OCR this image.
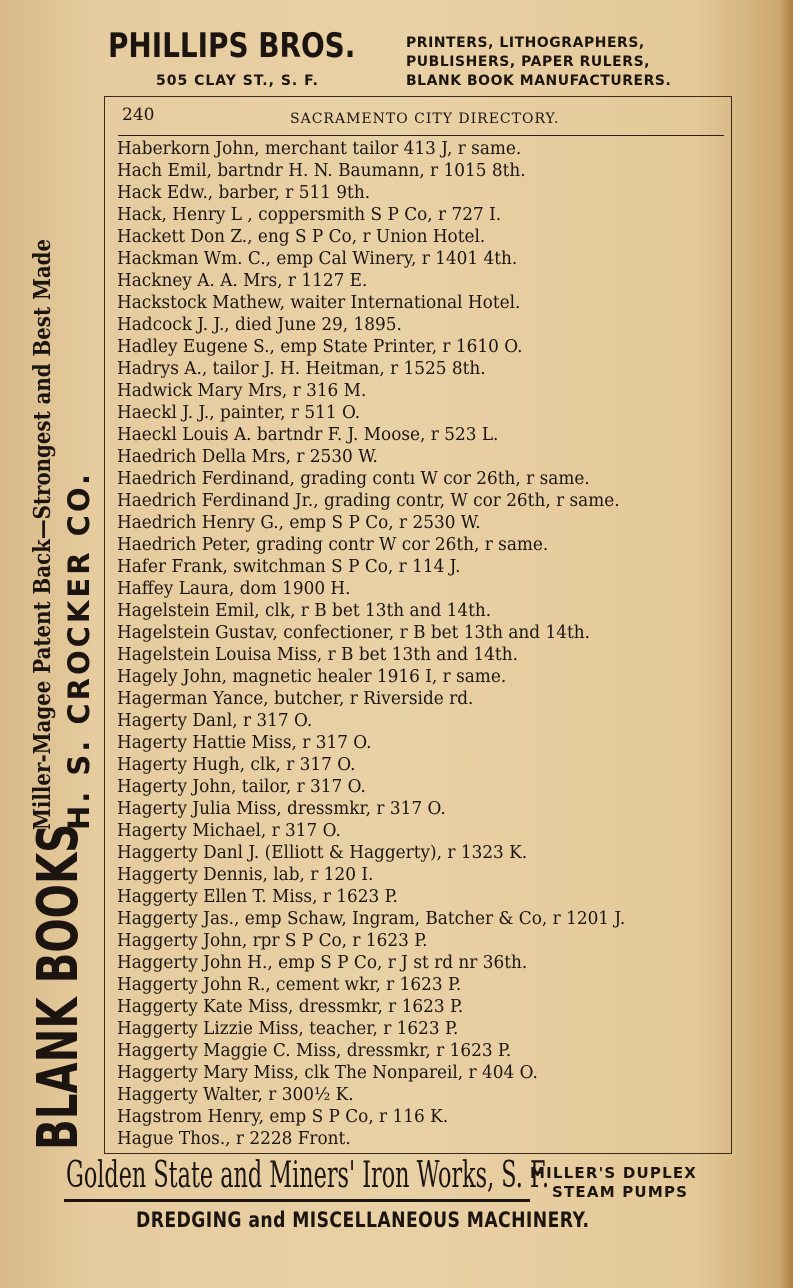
PHILLIPS BROS.
505 CLAY ST., S. F.
PRINTERS, LITHOGRAPHERS,
PUBLISHERS, PAPER RULERS,
BLANK BOOK MANUFACTURERS.
BLANK BOOKS
Miller-Magee Patent Back—Strongest and Best Made H. S. CROCKER CO.
240	SACRAMENTO CITY DIRECTORY.
Haberkorn John, merchant tailor 413 J, r same.
Hach Emil, bartndr H. N. Baumann, r 1015 8th.
Hack Edw., barber, r 511 9th.
Hack, Henry L , coppersmith S P Co, r 727 I.
Hackett Don Z., eng S P Co, r Union Hotel.
Hackman Wm. C., emp Cal Winery, r 1401 4th.
Hackney A. A. Mrs, r 1127 E.
Hackstock Mathew, waiter International Hotel.
Hadcock J. J., died June 29, 1895.
Hadley Eugene S., emp State Printer, r 1610 O.
Hadrys A., tailor J. H. Heitman, r 1525 8th.
Hadwick Mary Mrs, r 316 M.
Haeckl J. J., painter, r 511 O.
Haeckl Louis A. bartndr F. J. Moose, r 523 L.
Haedrich Della Mrs, r 2530 W.
Haedrich Ferdinand, grading contı W cor 26th, r same.
Haedrich Ferdinand Jr., grading contr, W cor 26th, r same.
Haedrich Henry G., emp S P Co, r 2530 W.
Haedrich Peter, grading contr W cor 26th, r same.
Hafer Frank, switchman S P Co, r 114 J.
Haffey Laura, dom 1900 H.
Hagelstein Emil, clk, r B bet 13th and 14th.
Hagelstein Gustav, confectioner, r B bet 13th and 14th.
Hagelstein Louisa Miss, r B bet 13th and 14th.
Hagely John, magnetic healer 1916 I, r same.
Hagerman Yance, butcher, r Riverside rd.
Hagerty Danl, r 317 O.
Hagerty Hattie Miss, r 317 O.
Hagerty Hugh, clk, r 317 O.
Hagerty John, tailor, r 317 O.
Hagerty Julia Miss, dressmkr, r 317 O.
Hagerty Michael, r 317 O.
Haggerty Danl J. (Elliott & Haggerty), r 1323 K.
Haggerty Dennis, lab, r 120 I.
Haggerty Ellen T. Miss, r 1623 P.
Haggerty Jas., emp Schaw, Ingram, Batcher & Co, r 1201 J.
Haggerty John, rpr S P Co, r 1623 P.
Haggerty John H., emp S P Co, r J st rd nr 36th.
Haggerty John R., cement wkr, r 1623 P.
Haggerty Kate Miss, dressmkr, r 1623 P.
Haggerty Lizzie Miss, teacher, r 1623 P.
Haggerty Maggie C. Miss, dressmkr, r 1623 P.
Haggerty Mary Miss, clk The Nonpareil, r 404 O.
Haggerty Walter, r 300½ K.
Hagstrom Henry, emp S P Co, r 116 K.
Hague Thos., r 2228 Front.
Golden State and Miners' Iron Works, S. F.
MILLER'S DUPLEX
STEAM PUMPS
DREDGING and MISCELLANEOUS MACHINERY.
